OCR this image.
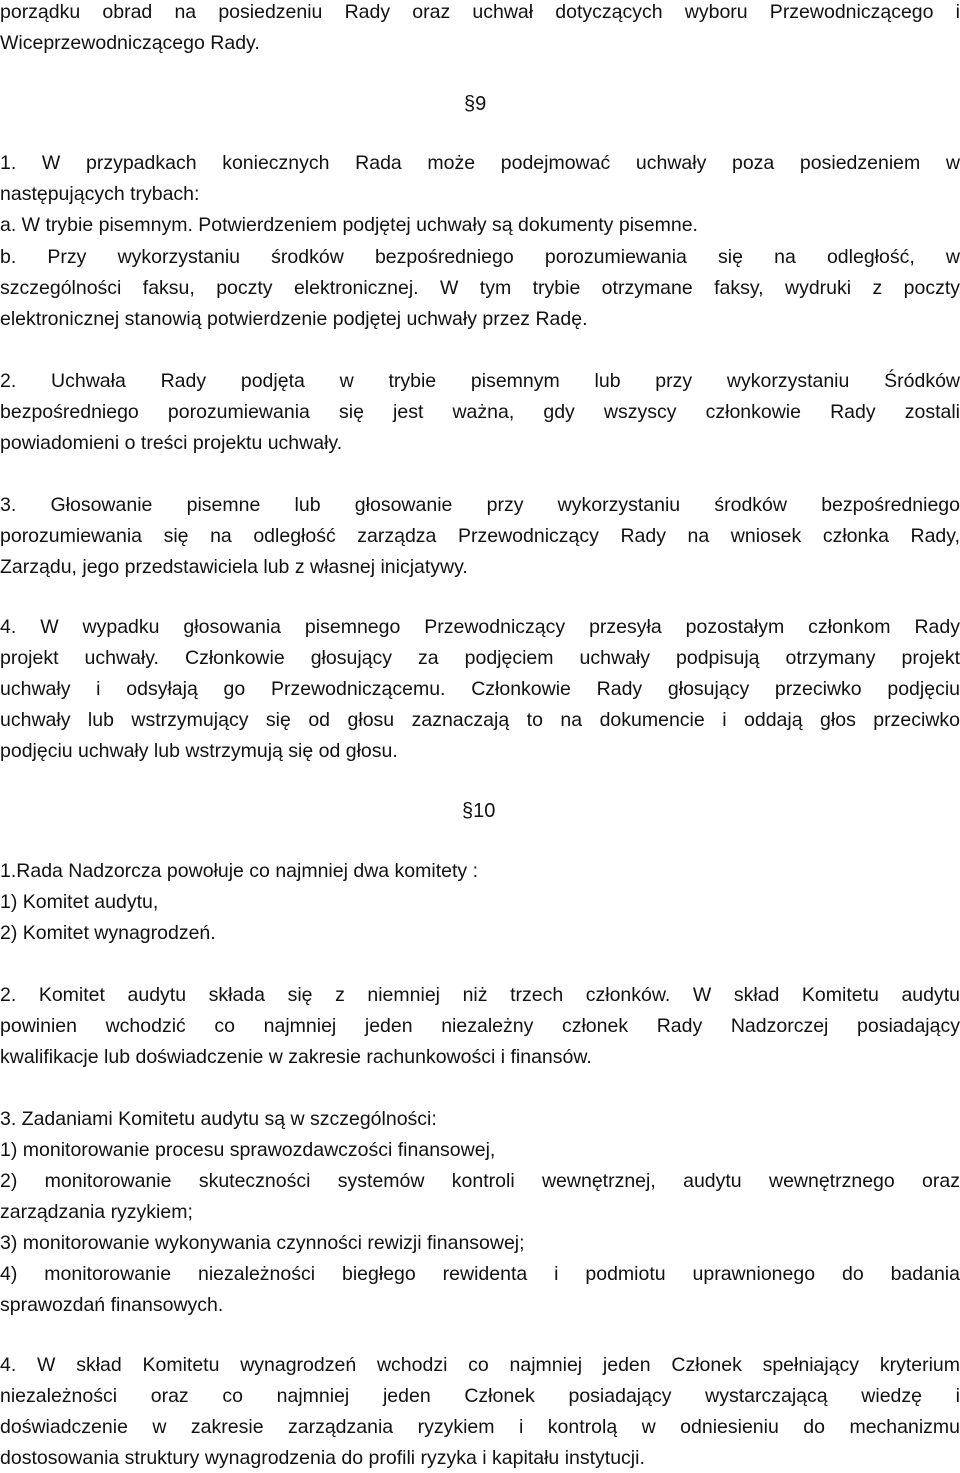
porządku obrad na posiedzeniu Rady oraz uchwał dotyczących wyboru Przewodniczącego i
Wiceprzewodniczącego Rady.
§9
1. W przypadkach koniecznych Rada może podejmować uchwały poza posiedzeniem w
następujących trybach:
a. W trybie pisemnym. Potwierdzeniem podjętej uchwały są dokumenty pisemne.
b. Przy wykorzystaniu środków bezpośredniego porozumiewania się na odległość, w
szczególności faksu, poczty elektronicznej. W tym trybie otrzymane faksy, wydruki z poczty
elektronicznej stanowią potwierdzenie podjętej uchwały przez Radę.
2. Uchwała Rady podjęta w trybie pisemnym lub przy wykorzystaniu Śródków
bezpośredniego porozumiewania się jest ważna, gdy wszyscy członkowie Rady zostali
powiadomieni o treści projektu uchwały.
3. Głosowanie pisemne lub głosowanie przy wykorzystaniu środków bezpośredniego
porozumiewania się na odległość zarządza Przewodniczący Rady na wniosek członka Rady,
Zarządu, jego przedstawiciela lub z własnej inicjatywy.
4. W wypadku głosowania pisemnego Przewodniczący przesyła pozostałym członkom Rady
projekt uchwały. Członkowie głosujący za podjęciem uchwały podpisują otrzymany projekt
uchwały i odsyłają go Przewodniczącemu. Członkowie Rady głosujący przeciwko podjęciu
uchwały lub wstrzymujący się od głosu zaznaczają to na dokumencie i oddają głos przeciwko
podjęciu uchwały lub wstrzymują się od głosu.
§10
1.Rada Nadzorcza powołuje co najmniej dwa komitety :
1) Komitet audytu,
2) Komitet wynagrodzeń.
2. Komitet audytu składa się z niemniej niż trzech członków. W skład Komitetu audytu
powinien wchodzić co najmniej jeden niezależny członek Rady Nadzorczej posiadający
kwalifikacje lub doświadczenie w zakresie rachunkowości i finansów.
3. Zadaniami Komitetu audytu są w szczególności:
1) monitorowanie procesu sprawozdawczości finansowej,
2) monitorowanie skuteczności systemów kontroli wewnętrznej, audytu wewnętrznego oraz
zarządzania ryzykiem;
3) monitorowanie wykonywania czynności rewizji finansowej;
4) monitorowanie niezależności biegłego rewidenta i podmiotu uprawnionego do badania
sprawozdań finansowych.
4. W skład Komitetu wynagrodzeń wchodzi co najmniej jeden Członek spełniający kryterium
niezależności oraz co najmniej jeden Członek posiadający wystarczającą wiedzę i
doświadczenie w zakresie zarządzania ryzykiem i kontrolą w odniesieniu do mechanizmu
dostosowania struktury wynagrodzenia do profili ryzyka i kapitału instytucji.
